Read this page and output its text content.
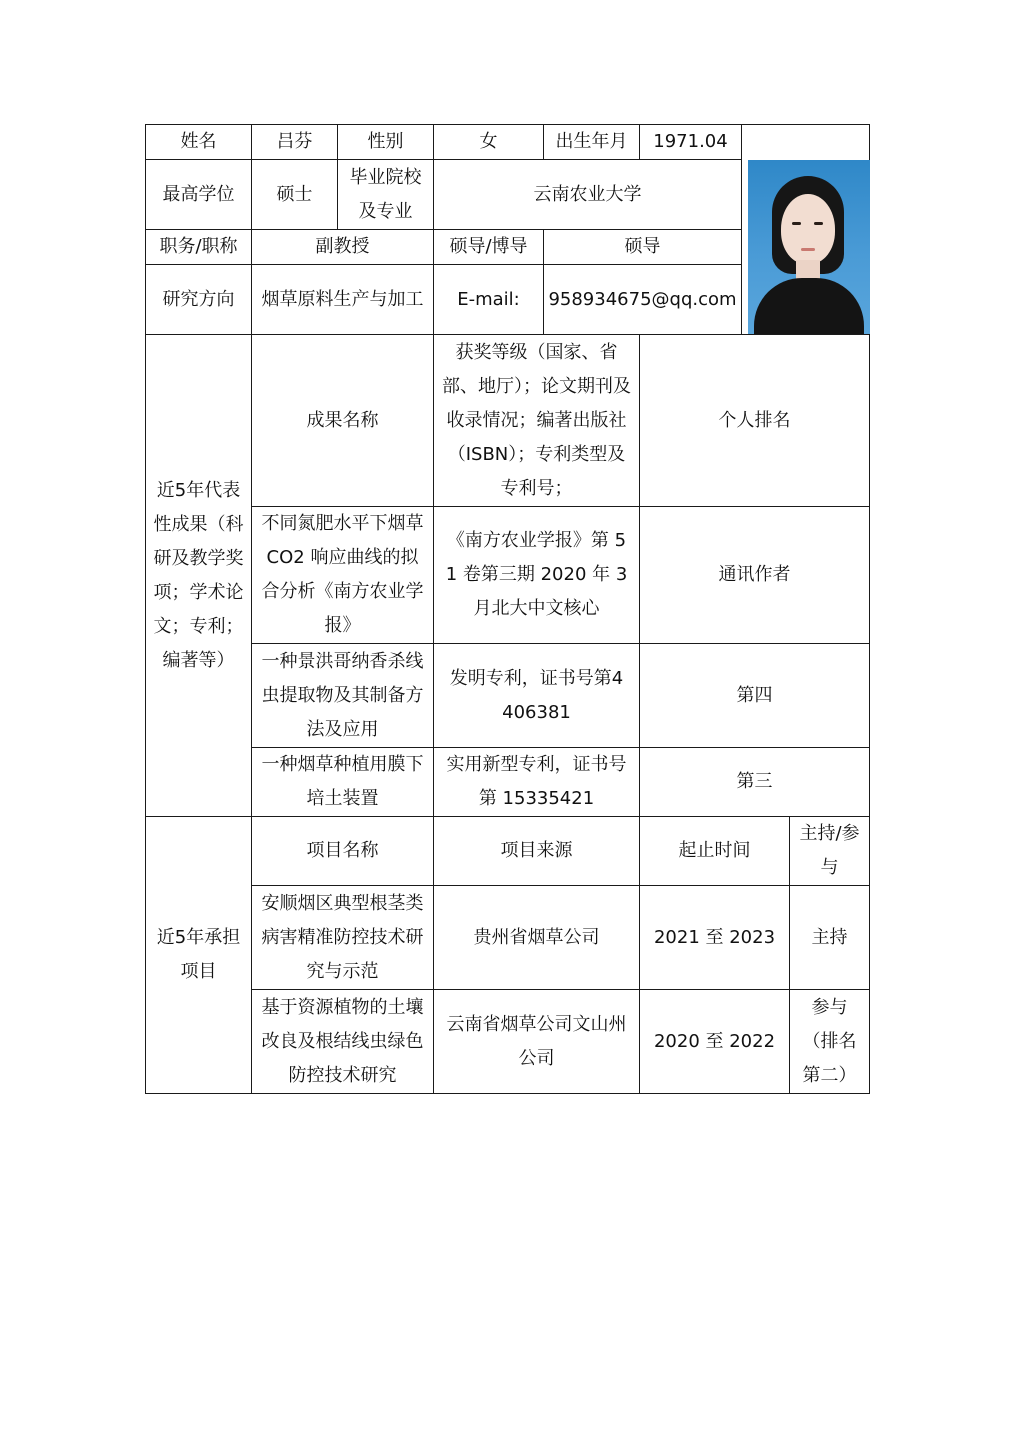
姓名	吕芬	性别	女	出生年月	1971.04		

最高学位	硕士	毕业院校及专业	云南农业大学				
职务/职称	副教授		硕导/博导	硕导			
研究方向	烟草原料生产与加工		E-mail:	958934675@qq.com			
近5年代表性成果（科研及教学奖项；学术论文；专利；编著等）	成果名称		获奖等级（国家、省部、地厅）；论文期刊及收录情况；编著出版社（ISBN）；专利类型及专利号；		个人排名		
	不同氮肥水平下烟草CO2 响应曲线的拟合分析《南方农业学报》		《南方农业学报》第 51 卷第三期 2020 年 3 月北大中文核心		通讯作者		
	一种景洪哥纳香杀线虫提取物及其制备方法及应用		发明专利，证书号第4406381		第四		
	一种烟草种植用膜下培土装置		实用新型专利，证书号第 15335421		第三		
近5年承担项目	项目名称		项目来源		起止时间		主持/参与
	安顺烟区典型根茎类病害精准防控技术研究与示范		贵州省烟草公司		2021 至 2023		主持
	基于资源植物的土壤改良及根结线虫绿色防控技术研究		云南省烟草公司文山州公司		2020 至 2022		参与（排名第二）
